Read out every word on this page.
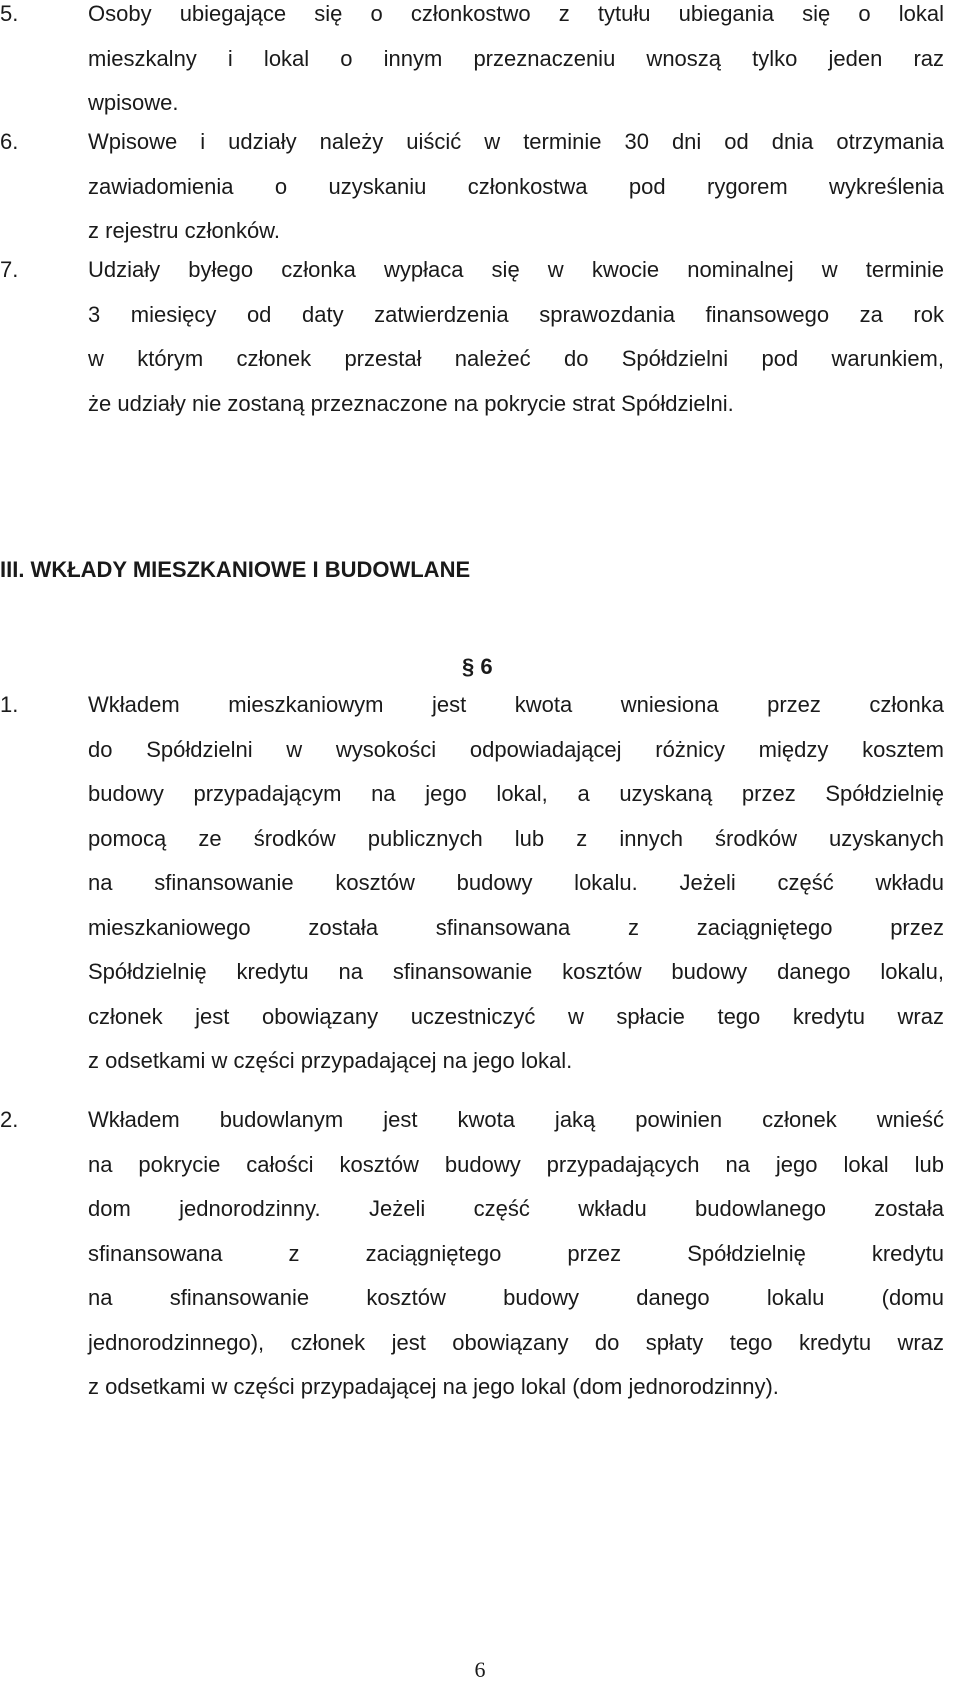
5.	Osoby ubiegające się o członkostwo z tytułu ubiegania się o lokal
mieszkalny i lokal o innym przeznaczeniu wnoszą tylko jeden raz
wpisowe.
6.	Wpisowe i udziały należy uiścić w terminie 30 dni od dnia otrzymania
zawiadomienia o uzyskaniu członkostwa pod rygorem wykreślenia
z rejestru członków.
7.	Udziały byłego członka wypłaca się w kwocie nominalnej w terminie
3 miesięcy od daty zatwierdzenia sprawozdania finansowego za rok
w którym członek przestał należeć do Spółdzielni pod warunkiem,
że udziały nie zostaną przeznaczone na pokrycie strat Spółdzielni.
III. WKŁADY MIESZKANIOWE I BUDOWLANE
§ 6
1.	Wkładem mieszkaniowym jest kwota wniesiona przez członka
do Spółdzielni w wysokości odpowiadającej różnicy między kosztem
budowy przypadającym na jego lokal, a uzyskaną przez Spółdzielnię
pomocą ze środków publicznych lub z innych środków uzyskanych
na sfinansowanie kosztów budowy lokalu. Jeżeli część wkładu
mieszkaniowego została sfinansowana z zaciągniętego przez
Spółdzielnię kredytu na sfinansowanie kosztów budowy danego lokalu,
członek jest obowiązany uczestniczyć w spłacie tego kredytu wraz
z odsetkami w części przypadającej na jego lokal.
2.	Wkładem budowlanym jest kwota jaką powinien członek wnieść
na pokrycie całości kosztów budowy przypadających na jego lokal lub
dom jednorodzinny. Jeżeli część wkładu budowlanego została
sfinansowana z zaciągniętego przez Spółdzielnię kredytu
na sfinansowanie kosztów budowy danego lokalu (domu
jednorodzinnego), członek jest obowiązany do spłaty tego kredytu wraz
z odsetkami w części przypadającej na jego lokal (dom jednorodzinny).
6
